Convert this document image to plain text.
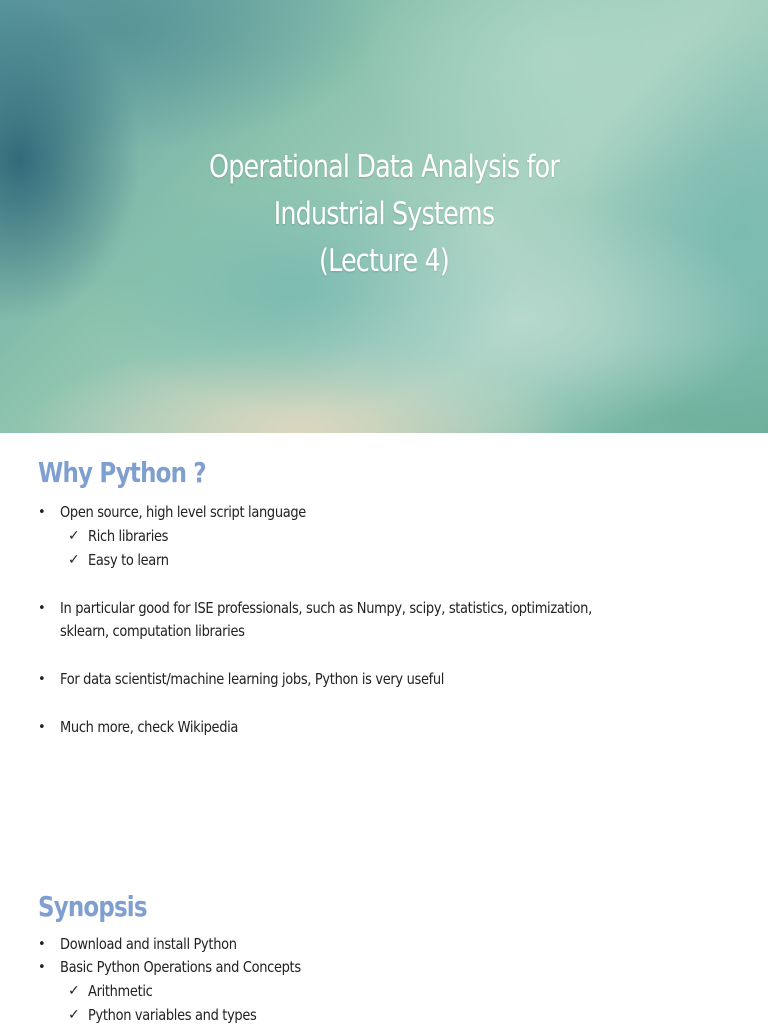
Operational Data Analysis for
Industrial Systems
(Lecture 4)
Why Python ?
• Open source, high level script language
✓ Rich libraries
✓ Easy to learn
• In particular good for ISE professionals, such as Numpy, scipy, statistics, optimization,
sklearn, computation libraries
• For data scientist/machine learning jobs, Python is very useful
• Much more, check Wikipedia
Synopsis
• Download and install Python
• Basic Python Operations and Concepts
✓ Arithmetic
✓ Python variables and types
